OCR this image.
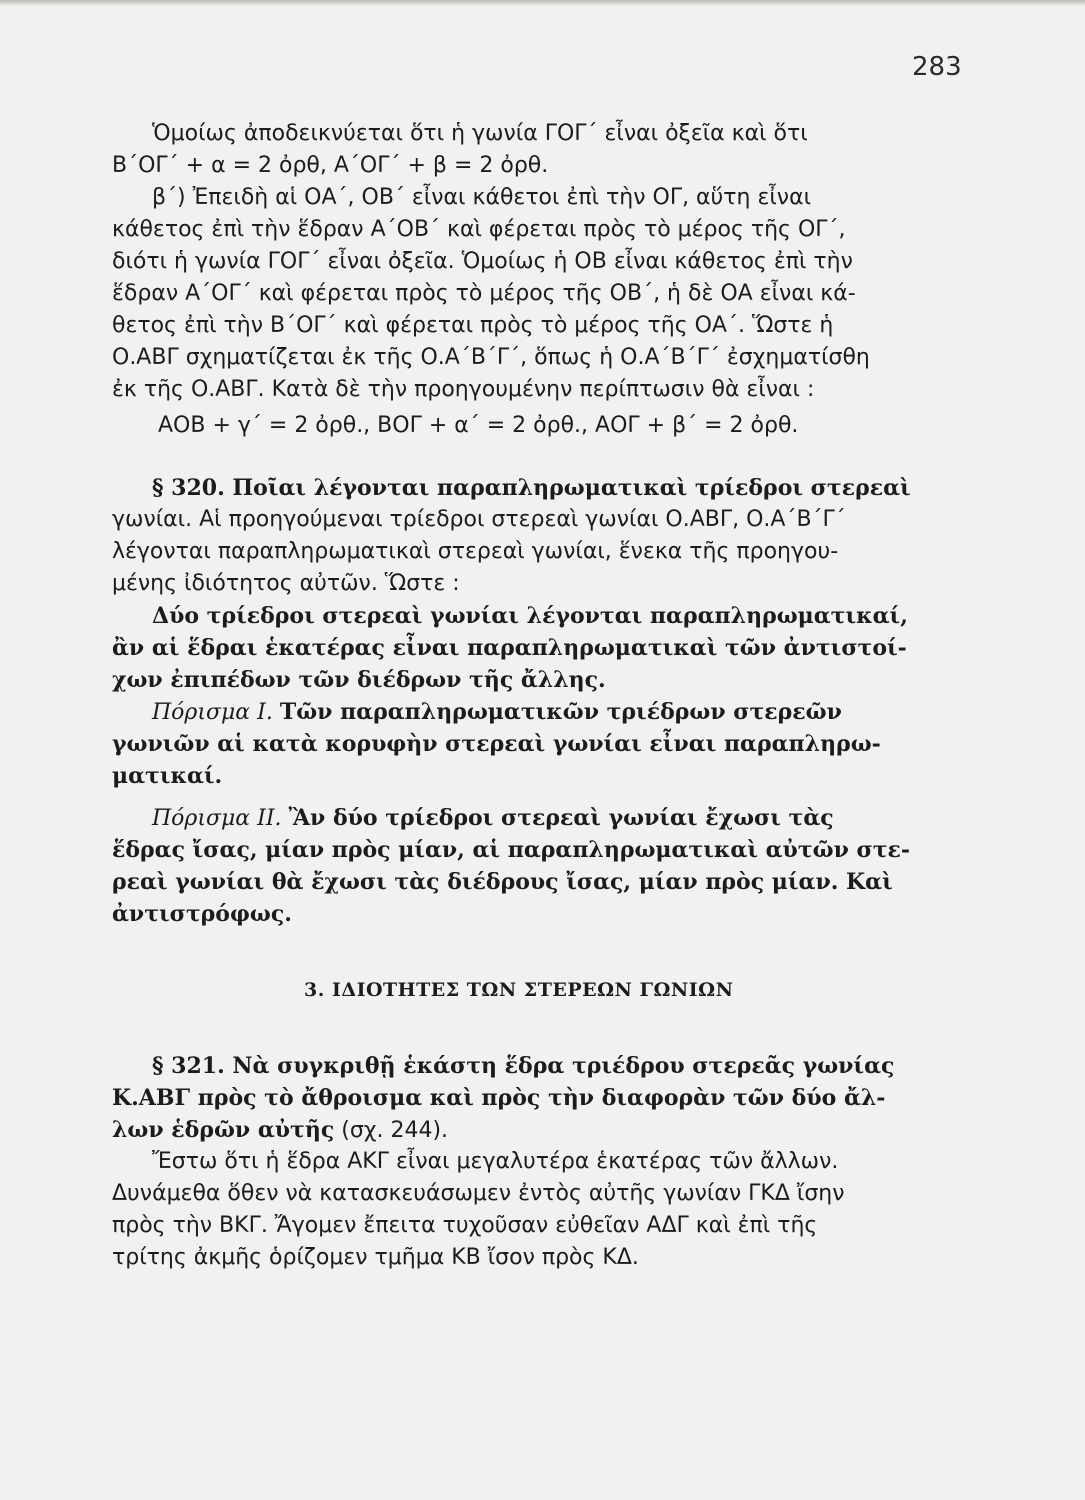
283
Ὁμοίως ἀποδεικνύεται ὅτι ἡ γωνία ΓΟΓ΄ εἶναι ὀξεῖα καὶ ὅτι
Β΄ΟΓ΄ + α = 2 ὀρθ, Α΄ΟΓ΄ + β = 2 ὀρθ.
β΄) Ἐπειδὴ αἱ ΟΑ΄, ΟΒ΄ εἶναι κάθετοι ἐπὶ τὴν ΟΓ, αὕτη εἶναι
κάθετος ἐπὶ τὴν ἕδραν Α΄ΟΒ΄ καὶ φέρεται πρὸς τὸ μέρος τῆς ΟΓ΄,
διότι ἡ γωνία ΓΟΓ΄ εἶναι ὀξεῖα. Ὁμοίως ἡ ΟΒ εἶναι κάθετος ἐπὶ τὴν
ἕδραν Α΄ΟΓ΄ καὶ φέρεται πρὸς τὸ μέρος τῆς ΟΒ΄, ἡ δὲ ΟΑ εἶναι κά-
θετος ἐπὶ τὴν Β΄ΟΓ΄ καὶ φέρεται πρὸς τὸ μέρος τῆς ΟΑ΄. Ὥστε ἡ
Ο.ΑΒΓ σχηματίζεται ἐκ τῆς Ο.Α΄Β΄Γ΄, ὅπως ἡ Ο.Α΄Β΄Γ΄ ἐσχηματίσθη
ἐκ τῆς Ο.ΑΒΓ. Κατὰ δὲ τὴν προηγουμένην περίπτωσιν θὰ εἶναι :
ΑΟΒ + γ΄ = 2 ὀρθ., ΒΟΓ + α΄ = 2 ὀρθ., ΑΟΓ + β΄ = 2 ὀρθ.
§ 320. Ποῖαι λέγονται παραπληρωματικαὶ τρίεδροι στερεαὶ
γωνίαι. Αἱ προηγούμεναι τρίεδροι στερεαὶ γωνίαι Ο.ΑΒΓ, Ο.Α΄Β΄Γ΄
λέγονται παραπληρωματικαὶ στερεαὶ γωνίαι, ἕνεκα τῆς προηγου-
μένης ἰδιότητος αὐτῶν. Ὥστε :
Δύο τρίεδροι στερεαὶ γωνίαι λέγονται παραπληρωματικαί,
ἂν αἱ ἕδραι ἑκατέρας εἶναι παραπληρωματικαὶ τῶν ἀντιστοί-
χων ἐπιπέδων τῶν διέδρων τῆς ἄλλης.
Πόρισμα Ι. Τῶν παραπληρωματικῶν τριέδρων στερεῶν
γωνιῶν αἱ κατὰ κορυφὴν στερεαὶ γωνίαι εἶναι παραπληρω-
ματικαί.
Πόρισμα ΙΙ. Ἂν δύο τρίεδροι στερεαὶ γωνίαι ἔχωσι τὰς
ἕδρας ἴσας, μίαν πρὸς μίαν, αἱ παραπληρωματικαὶ αὐτῶν στε-
ρεαὶ γωνίαι θὰ ἔχωσι τὰς διέδρους ἴσας, μίαν πρὸς μίαν. Καὶ
ἀντιστρόφως.
3. ΙΔΙΟΤΗΤΕΣ ΤΩΝ ΣΤΕΡΕΩΝ ΓΩΝΙΩΝ
§ 321. Νὰ συγκριθῇ ἑκάστη ἕδρα τριέδρου στερεᾶς γωνίας
Κ.ΑΒΓ πρὸς τὸ ἄθροισμα καὶ πρὸς τὴν διαφορὰν τῶν δύο ἄλ-
λων ἑδρῶν αὐτῆς (σχ. 244).
Ἔστω ὅτι ἡ ἕδρα ΑΚΓ εἶναι μεγαλυτέρα ἑκατέρας τῶν ἄλλων.
Δυνάμεθα ὅθεν νὰ κατασκευάσωμεν ἐντὸς αὐτῆς γωνίαν ΓΚΔ ἴσην
πρὸς τὴν ΒΚΓ. Ἄγομεν ἔπειτα τυχοῦσαν εὐθεῖαν ΑΔΓ καὶ ἐπὶ τῆς
τρίτης ἀκμῆς ὁρίζομεν τμῆμα ΚΒ ἴσον πρὸς ΚΔ.
